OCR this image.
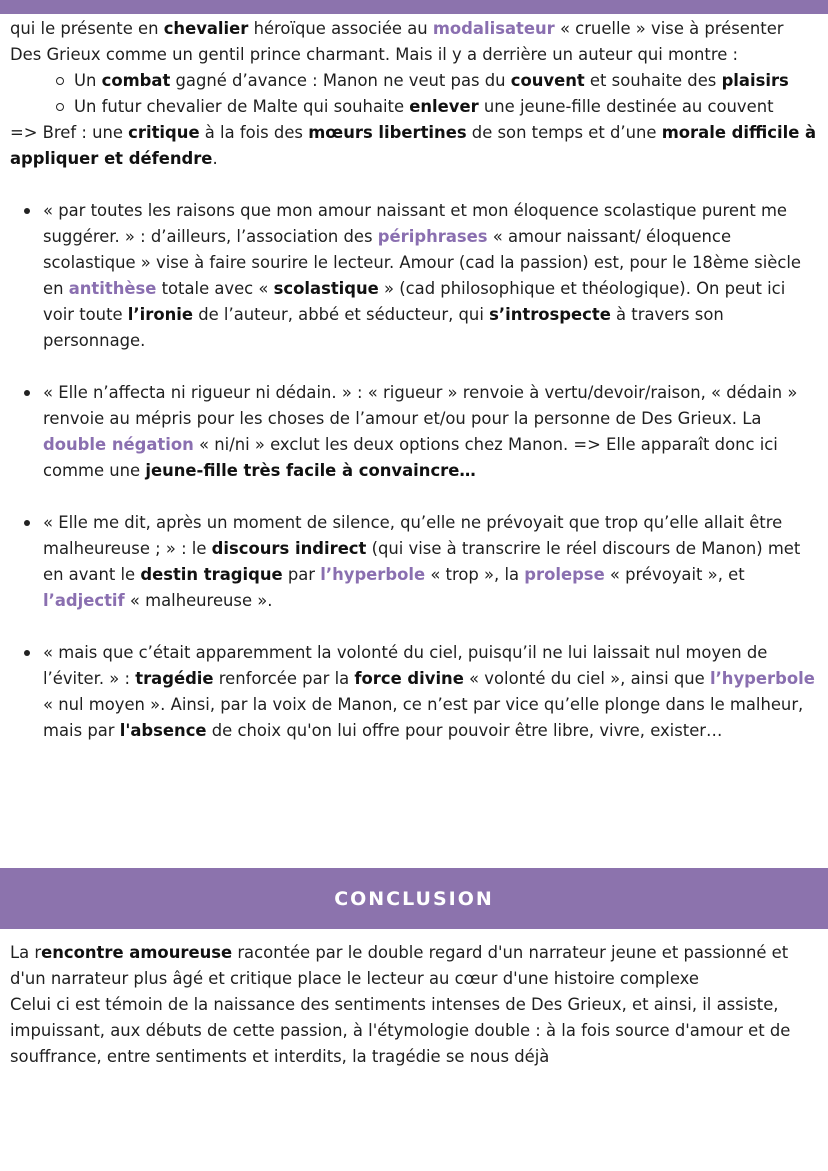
qui le présente en chevalier héroïque associée au modalisateur « cruelle » vise à présenter Des Grieux comme un gentil prince charmant. Mais il y a derrière un auteur qui montre :

Un combat gagné d’avance : Manon ne veut pas du couvent et souhaite des plaisirs
Un futur chevalier de Malte qui souhaite enlever une jeune-fille destinée au couvent

=> Bref : une critique à la fois des mœurs libertines de son temps et d’une morale difficile à appliquer et défendre.

« par toutes les raisons que mon amour naissant et mon éloquence scolastique purent me suggérer. » : d’ailleurs, l’association des périphrases « amour naissant/ éloquence scolastique » vise à faire sourire le lecteur. Amour (cad la passion) est, pour le 18ème siècle en antithèse totale avec « scolastique » (cad philosophique et théologique). On peut ici voir toute l’ironie de l’auteur, abbé et séducteur, qui s’introspecte à travers son personnage.
« Elle n’affecta ni rigueur ni dédain. » : « rigueur » renvoie à vertu/devoir/raison, « dédain » renvoie au mépris pour les choses de l’amour et/ou pour la personne de Des Grieux. La double négation « ni/ni » exclut les deux options chez Manon. => Elle apparaît donc ici comme une jeune-fille très facile à convaincre…
« Elle me dit, après un moment de silence, qu’elle ne prévoyait que trop qu’elle allait être malheureuse ; » : le discours indirect (qui vise à transcrire le réel discours de Manon) met en avant le destin tragique par l’hyperbole « trop », la prolepse « prévoyait », et l’adjectif « malheureuse ».
« mais que c’était apparemment la volonté du ciel, puisqu’il ne lui laissait nul moyen de l’éviter. » : tragédie renforcée par la force divine « volonté du ciel », ainsi que l’hyperbole « nul moyen ». Ainsi, par la voix de Manon, ce n’est par vice qu’elle plonge dans le malheur, mais par l'absence de choix qu'on lui offre pour pouvoir être libre, vivre, exister…
CONCLUSION

La rencontre amoureuse racontée par le double regard d'un narrateur jeune et passionné et d'un narrateur plus âgé et critique place le lecteur au cœur d'une histoire complexe

Celui ci est témoin de la naissance des sentiments intenses de Des Grieux, et ainsi, il assiste, impuissant, aux débuts de cette passion, à l'étymologie double : à la fois source d'amour et de souffrance, entre sentiments et interdits, la tragédie se nous déjà
